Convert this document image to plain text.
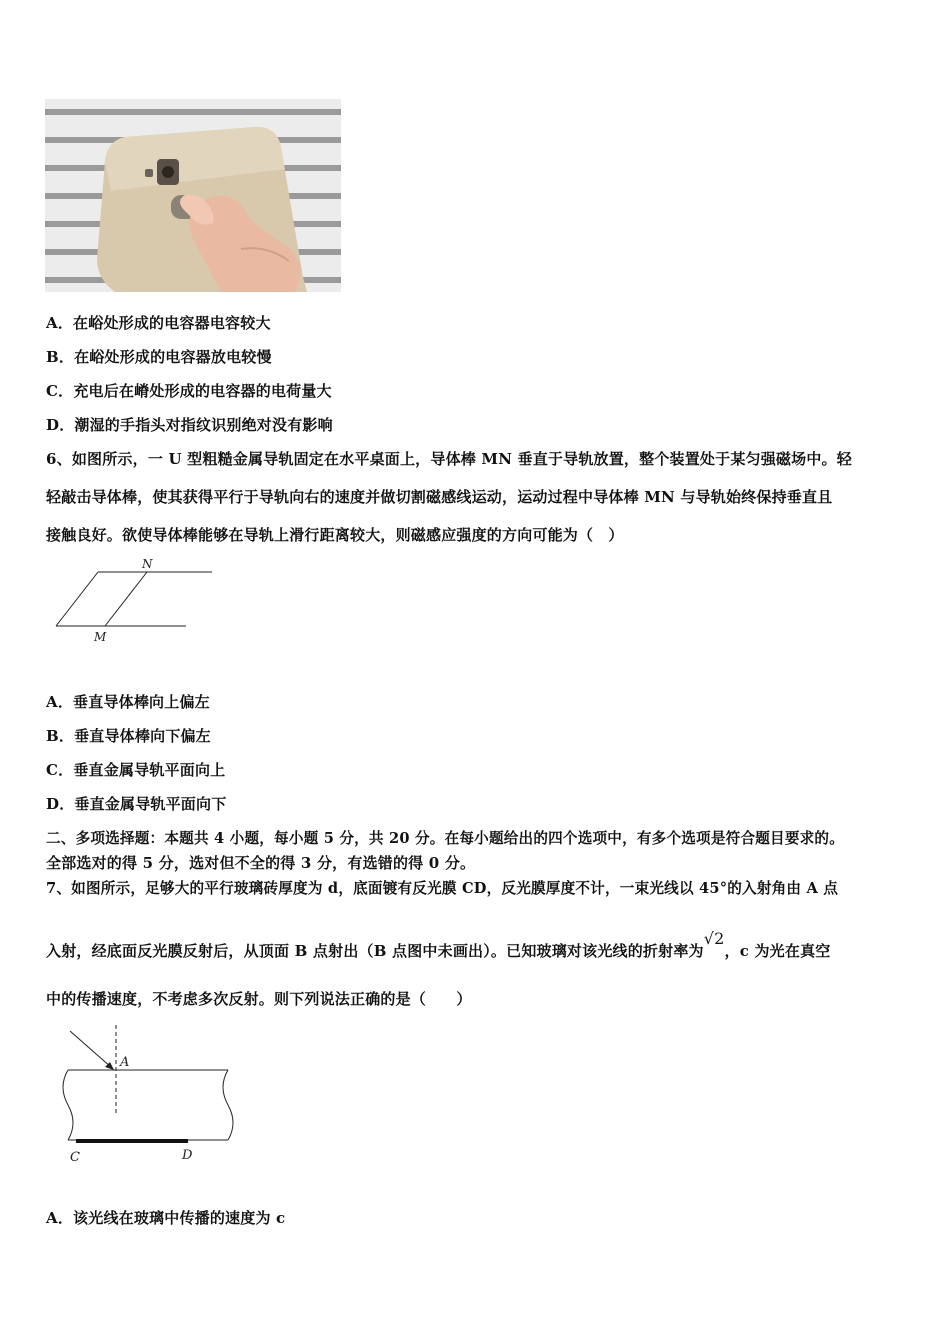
A．在峪处形成的电容器电容较大
B．在峪处形成的电容器放电较慢
C．充电后在嵴处形成的电容器的电荷量大
D．潮湿的手指头对指纹识别绝对没有影响
6、如图所示，一 U 型粗糙金属导轨固定在水平桌面上，导体棒 MN 垂直于导轨放置，整个装置处于某匀强磁场中。轻
轻敲击导体棒，使其获得平行于导轨向右的速度并做切割磁感线运动，运动过程中导体棒 MN 与导轨始终保持垂直且
接触良好。欲使导体棒能够在导轨上滑行距离较大，则磁感应强度的方向可能为（　）
N
M
A．垂直导体棒向上偏左
B．垂直导体棒向下偏左
C．垂直金属导轨平面向上
D．垂直金属导轨平面向下
二、多项选择题：本题共 4 小题，每小题 5 分，共 20 分。在每小题给出的四个选项中，有多个选项是符合题目要求的。
全部选对的得 5 分，选对但不全的得 3 分，有选错的得 0 分。
7、如图所示，足够大的平行玻璃砖厚度为 d，底面镀有反光膜 CD，反光膜厚度不计，一束光线以 45°的入射角由 A 点
入射，经底面反光膜反射后，从顶面 B 点射出（B 点图中未画出）。已知玻璃对该光线的折射率为√2，c 为光在真空
中的传播速度，不考虑多次反射。则下列说法正确的是（　　）
A
C	D
A．该光线在玻璃中传播的速度为 c
